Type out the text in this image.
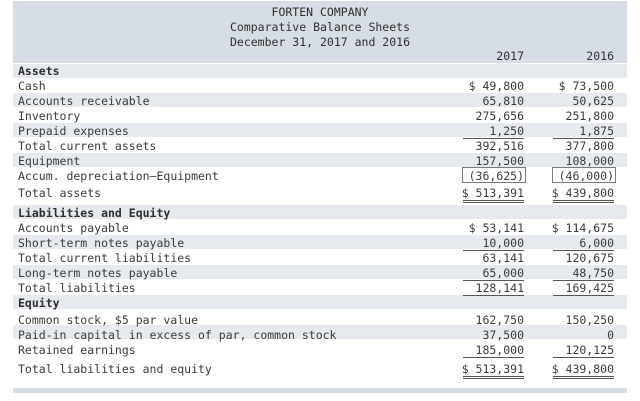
FORTEN COMPANY
Comparative Balance Sheets
December 31, 2017 and 2016
2017	2016
Assets
Cash	$ 49,800	$ 73,500
Accounts receivable	65,810	50,625
Inventory	275,656	251,800
Prepaid expenses	1,250	1,875
Total current assets	392,516	377,800
Equipment	157,500	108,000
Accum. depreciation—Equipment	(36,625)	(46,000)
Total assets	$ 513,391 $ 439,800
Liabilities and Equity
Accounts payable	$ 53,141 $ 114,675
Short-term notes payable	10,000	6,000
Total current liabilities	63,141	120,675
Long-term notes payable	65,000	48,750
Total liabilities	128,141	169,425
Equity
Common stock, $5 par value	162,750	150,250
Paid-in capital in excess of par, common stock	37,500	0
Retained earnings	185,000	120,125
Total liabilities and equity	$ 513,391 $ 439,800
